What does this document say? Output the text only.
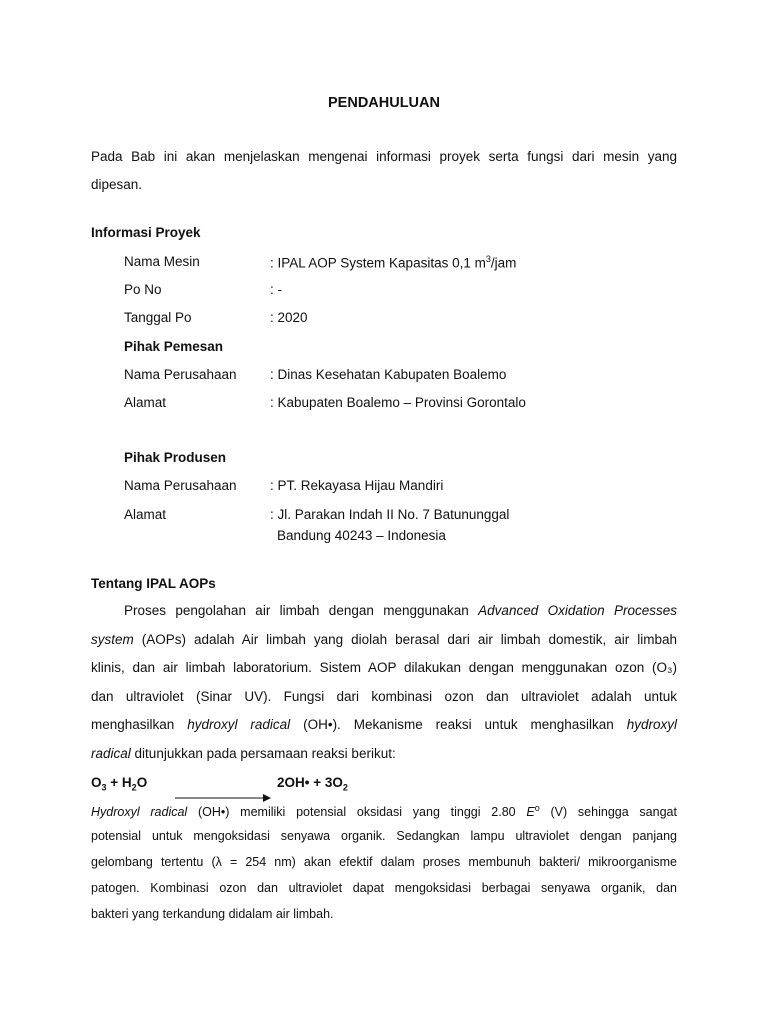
PENDAHULUAN
Pada Bab ini akan menjelaskan mengenai informasi proyek serta fungsi dari mesin yang
dipesan.
Informasi Proyek
Nama Mesin	: IPAL AOP System Kapasitas 0,1 $m^3$/jam
Po No	: -
Tanggal Po	: 2020
Pihak Pemesan
Nama Perusahaan : Dinas Kesehatan Kabupaten Boalemo
Alamat	: Kabupaten Boalemo – Provinsi Gorontalo
Pihak Produsen
Nama Perusahaan : PT. Rekayasa Hijau Mandiri
Alamat	: Jl. Parakan Indah II No. 7 Batununggal
Bandung 40243 – Indonesia
Tentang IPAL AOPs
Proses pengolahan air limbah dengan menggunakan Advanced Oxidation Processes
system (AOPs) adalah Air limbah yang diolah berasal dari air limbah domestik, air limbah
klinis, dan air limbah laboratorium. Sistem AOP dilakukan dengan menggunakan ozon (O₃)
dan ultraviolet (Sinar UV). Fungsi dari kombinasi ozon dan ultraviolet adalah untuk
menghasilkan hydroxyl radical (OH•). Mekanisme reaksi untuk menghasilkan hydroxyl
radical ditunjukkan pada persamaan reaksi berikut:
$O_3 + H_2O$	2OH• + $3O_2$
Hydroxyl radical (OH•) memiliki potensial oksidasi yang tinggi 2.80 $E^o$ (V) sehingga sangat
potensial untuk mengoksidasi senyawa organik. Sedangkan lampu ultraviolet dengan panjang
gelombang tertentu (λ = 254 nm) akan efektif dalam proses membunuh bakteri/ mikroorganisme
patogen. Kombinasi ozon dan ultraviolet dapat mengoksidasi berbagai senyawa organik, dan
bakteri yang terkandung didalam air limbah.
